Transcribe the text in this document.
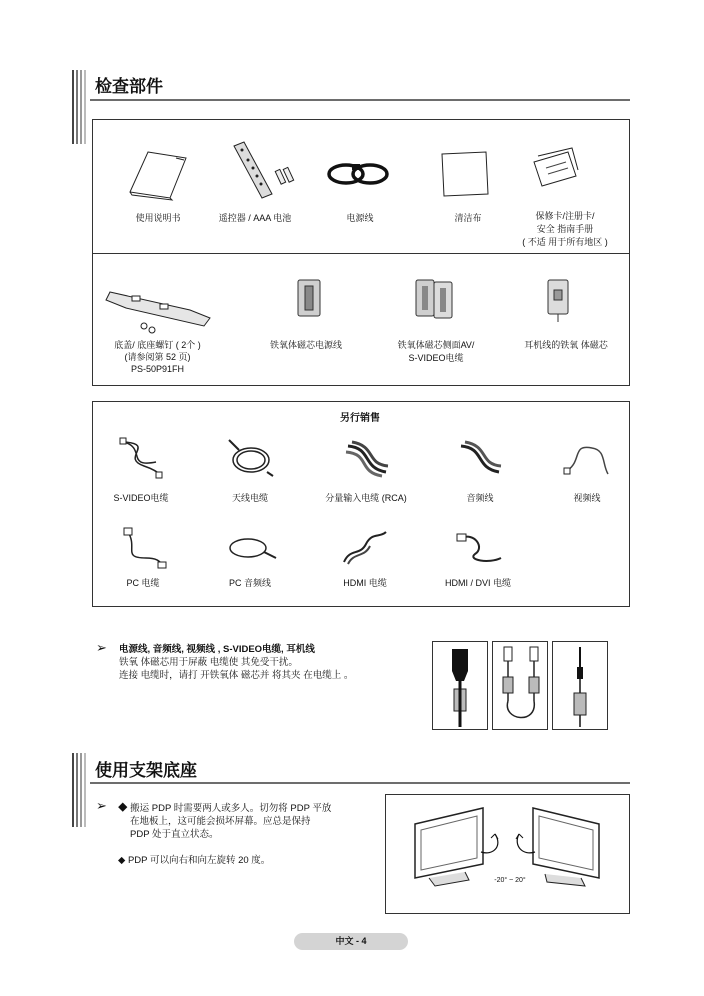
检查部件
使用说明书	遥控器 / AAA 电池	电源线	清洁布	保修卡/注册卡/
安全 指南手册
( 不适 用于所有地区 )
底盖/ 底座螺钉 ( 2个 )
(请参阅第 52 页)
PS-50P91FH
铁氧体磁芯电源线	铁氧体磁芯侧面AV/
S-VIDEO电缆
耳机线的铁氧 体磁芯
另行销售
S-VIDEO电缆	天线电缆	分量输入电缆 (RCA)	音频线	视频线
PC 电缆	PC 音频线	HDMI 电缆	HDMI / DVI 电缆
➢ 电源线, 音频线, 视频线 , S-VIDEO电缆, 耳机线
铁氧 体磁芯用于屏蔽 电缆使 其免受干扰。
连接 电缆时，请打 开铁氧体 磁芯并 将其夹 在电缆上 。
使用支架底座
➢ ◆ 搬运 PDP 时需要两人或多人。切勿将 PDP 平放
在地板上，这可能会损坏屏幕。应总是保持
PDP 处于直立状态。
◆ PDP 可以向右和向左旋转 20 度。
-20° ~ 20°
中文 - 4
